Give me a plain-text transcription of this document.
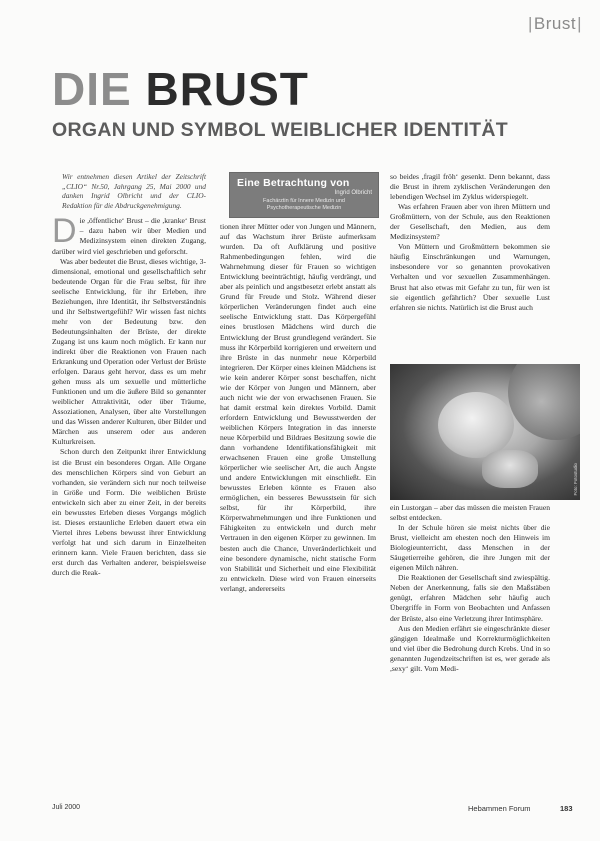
| Brust |
DIE BRUST
ORGAN UND SYMBOL WEIBLICHER IDENTITÄT

Wir entnehmen diesen Artikel der Zeitschrift „CLIO“ Nr.50, Jahrgang 25, Mai 2000 und danken Ingrid Olbricht und der CLIO-Redaktion für die Abdruckgenehmigung.

Die ,öffentliche‘ Brust – die ,kranke‘ Brust – dazu haben wir über Medien und Medizinsystem einen direkten Zugang, darüber wird viel geschrieben und geforscht.

Was aber bedeutet die Brust, dieses wichtige, 3-dimensional, emotional und gesellschaftlich sehr bedeutende Organ für die Frau selbst, für ihre seelische Entwicklung, für ihr Erleben, ihre Beziehungen, ihre Identität, ihr Selbstverständnis und ihr Selbstwertgefühl? Wir wissen fast nichts mehr von der Bedeutung bzw. den Bedeutungsinhalten der Brüste, der direkte Zugang ist uns kaum noch möglich. Er kann nur indirekt über die Reaktionen von Frauen nach Erkrankung und Operation oder Verlust der Brüste erfolgen. Daraus geht hervor, dass es um mehr gehen muss als um sexuelle und mütterliche Funktionen und um die äußere Bild so genannter weiblicher Attraktivität, oder über Träume, Assoziationen, Analysen, über alte Vorstellungen und das Wissen anderer Kulturen, über Bilder und Märchen aus unserem oder aus anderen Kulturkreisen.

Schon durch den Zeitpunkt ihrer Entwicklung ist die Brust ein besonderes Organ. Alle Organe des menschlichen Körpers sind von Geburt an vorhanden, sie verändern sich nur noch teilweise in Größe und Form. Die weiblichen Brüste entwickeln sich aber zu einer Zeit, in der bereits ein bewusstes Erleben dieses Vorgangs möglich ist. Dieses erstaunliche Erleben dauert etwa ein Viertel ihres Lebens bewusst ihrer Entwicklung verfolgt hat und sich darum in Einzelheiten erinnern kann. Viele Frauen berichten, dass sie erst durch das Verhalten anderer, beispielsweise durch die Reak-

Eine Betrachtung von
Ingrid Olbricht
Fachärztin für Innere Medizin und Psychotherapeutische Medizin

tionen ihrer Mütter oder von Jungen und Männern, auf das Wachstum ihrer Brüste aufmerksam wurden. Da oft Aufklärung und positive Rahmenbedingungen fehlen, wird die Wahrnehmung dieser für Frauen so wichtigen Entwicklung beeinträchtigt, häufig verdrängt, und aber als peinlich und angstbesetzt erlebt anstatt als Grund für Freude und Stolz. Während dieser körperlichen Veränderungen findet auch eine seelische Entwicklung statt. Das Körpergefühl eines brustlosen Mädchens wird durch die Entwicklung der Brust grundlegend verändert. Sie muss ihr Körperbild korrigieren und erweitern und ihre Brüste in das nunmehr neue Körperbild integrieren. Der Körper eines kleinen Mädchens ist wie kein anderer Körper sonst beschaffen, nicht wie der Körper von Jungen und Männern, aber auch nicht wie der von erwachsenen Frauen. Sie hat damit erstmal kein direktes Vorbild. Damit erfordern Entwicklung und Bewusstwerden der weiblichen Körpers Integration in das innerste neue Körperbild und Bildraes Besitzung sowie die dann vorhandene Identifikationsfähigkeit mit erwachsenen Frauen eine große Umstellung körperlicher wie seelischer Art, die auch Ängste und andere Entwicklungen mit einschließt. Ein bewusstes Erleben könnte es Frauen also ermöglichen, ein besseres Bewusstsein für sich selbst, für ihr Körperbild, ihre Körperwahrnehmungen und ihre Funktionen und Fähigkeiten zu entwickeln und durch mehr Vertrauen in den eigenen Körper zu gewinnen. Im besten auch die Chance, Unveränderlichkeit und eine besondere dynamische, nicht statische Form von Stabilität und Sicherheit und eine Flexibilität zu entwickeln. Diese wird von Frauen einerseits verlangt, andererseits

so beides ,fragil fröh‘ gesenkt. Denn bekannt, dass die Brust in ihrem zyklischen Veränderungen den lebendigen Wechsel im Zyklus widerspiegelt.

Was erfahren Frauen aber von ihren Müttern und Großmüttern, von der Schule, aus den Reaktionen der Gesellschaft, den Medien, aus dem Medizinsystem?

Von Müttern und Großmüttern bekommen sie häufig Einschränkungen und Warnungen, insbesondere vor so genannten provokativen Verhalten und vor sexuellen Zusammenhängen. Brust hat also etwas mit Gefahr zu tun, für wen ist sie eigentlich gefährlich? Über sexuelle Lust erfahren sie nichts. Natürlich ist die Brust auch

Foto: Fotostudio

ein Lustorgan – aber das müssen die meisten Frauen selbst entdecken.

In der Schule hören sie meist nichts über die Brust, vielleicht am ehesten noch den Hinweis im Biologieunterricht, dass Menschen in der Säugetierreihe gehören, die ihre Jungen mit der eigenen Milch nähren.

Die Reaktionen der Gesellschaft sind zwiespältig. Neben der Anerkennung, falls sie den Maßstäben genügt, erfahren Mädchen sehr häufig auch Übergriffe in Form von Beobachten und Anfassen der Brüste, also eine Verletzung ihrer Intimsphäre.

Aus den Medien erfährt sie eingeschränkte dieser gängigen Idealmaße und Korrekturmöglichkeiten und viel über die Bedrohung durch Krebs. Und in so genannten Jugendzeitschriften ist es, wer gerade als ,sexy‘ gilt. Vom Medi-

Juli 2000	Hebammen Forum	183
